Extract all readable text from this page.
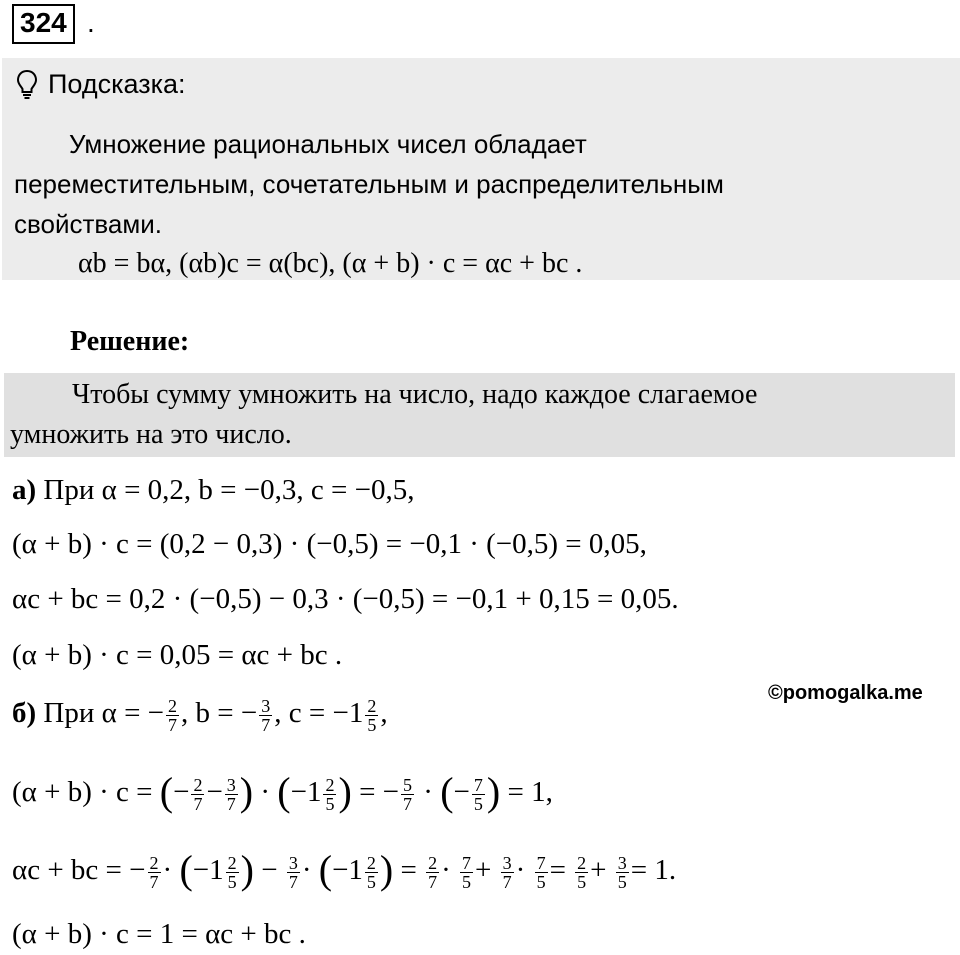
324 .
Подсказка:
Умножение рациональных чисел обладает
переместительным, сочетательным и распределительным
свойствами.
αb = bα, (αb)c = α(bc), (α + b) · c = αc + bc .
Решение:
Чтобы сумму умножить на число, надо каждое слагаемое
умножить на это число.
а) При α = 0,2, b = −0,3, c = −0,5,
(α + b) · c = (0,2 − 0,3) · (−0,5) = −0,1 · (−0,5) = 0,05,
αc + bc = 0,2 · (−0,5) − 0,3 · (−0,5) = −0,1 + 0,15 = 0,05.
(α + b) · c = 0,05 = αc + bc .
©pomogalka.me
б) При α = − $\frac{2}{7}$ , b = − $\frac{3}{7}$ , $c = -1 \frac{2}{5}$ ,
(α + b) · c = (− $\frac{2}{7} - \frac{3}{7}$ ) · ($-1 \frac{2}{5}$ ) = − $\frac{5}{7}$ · (− $\frac{7}{5}$ ) = 1,
αc + bc = − $\frac{2}{7} \cdot (-1 \frac{2}{5}$ ) − $\frac{3}{7} \cdot (-1 \frac{2}{5}$ ) = $\frac{2}{7} \cdot \frac{7}{5} + \frac{3}{7} \cdot \frac{7}{5} = \frac{2}{5} + \frac{3}{5} = 1$.
(α + b) · c = 1 = αc + bc .
